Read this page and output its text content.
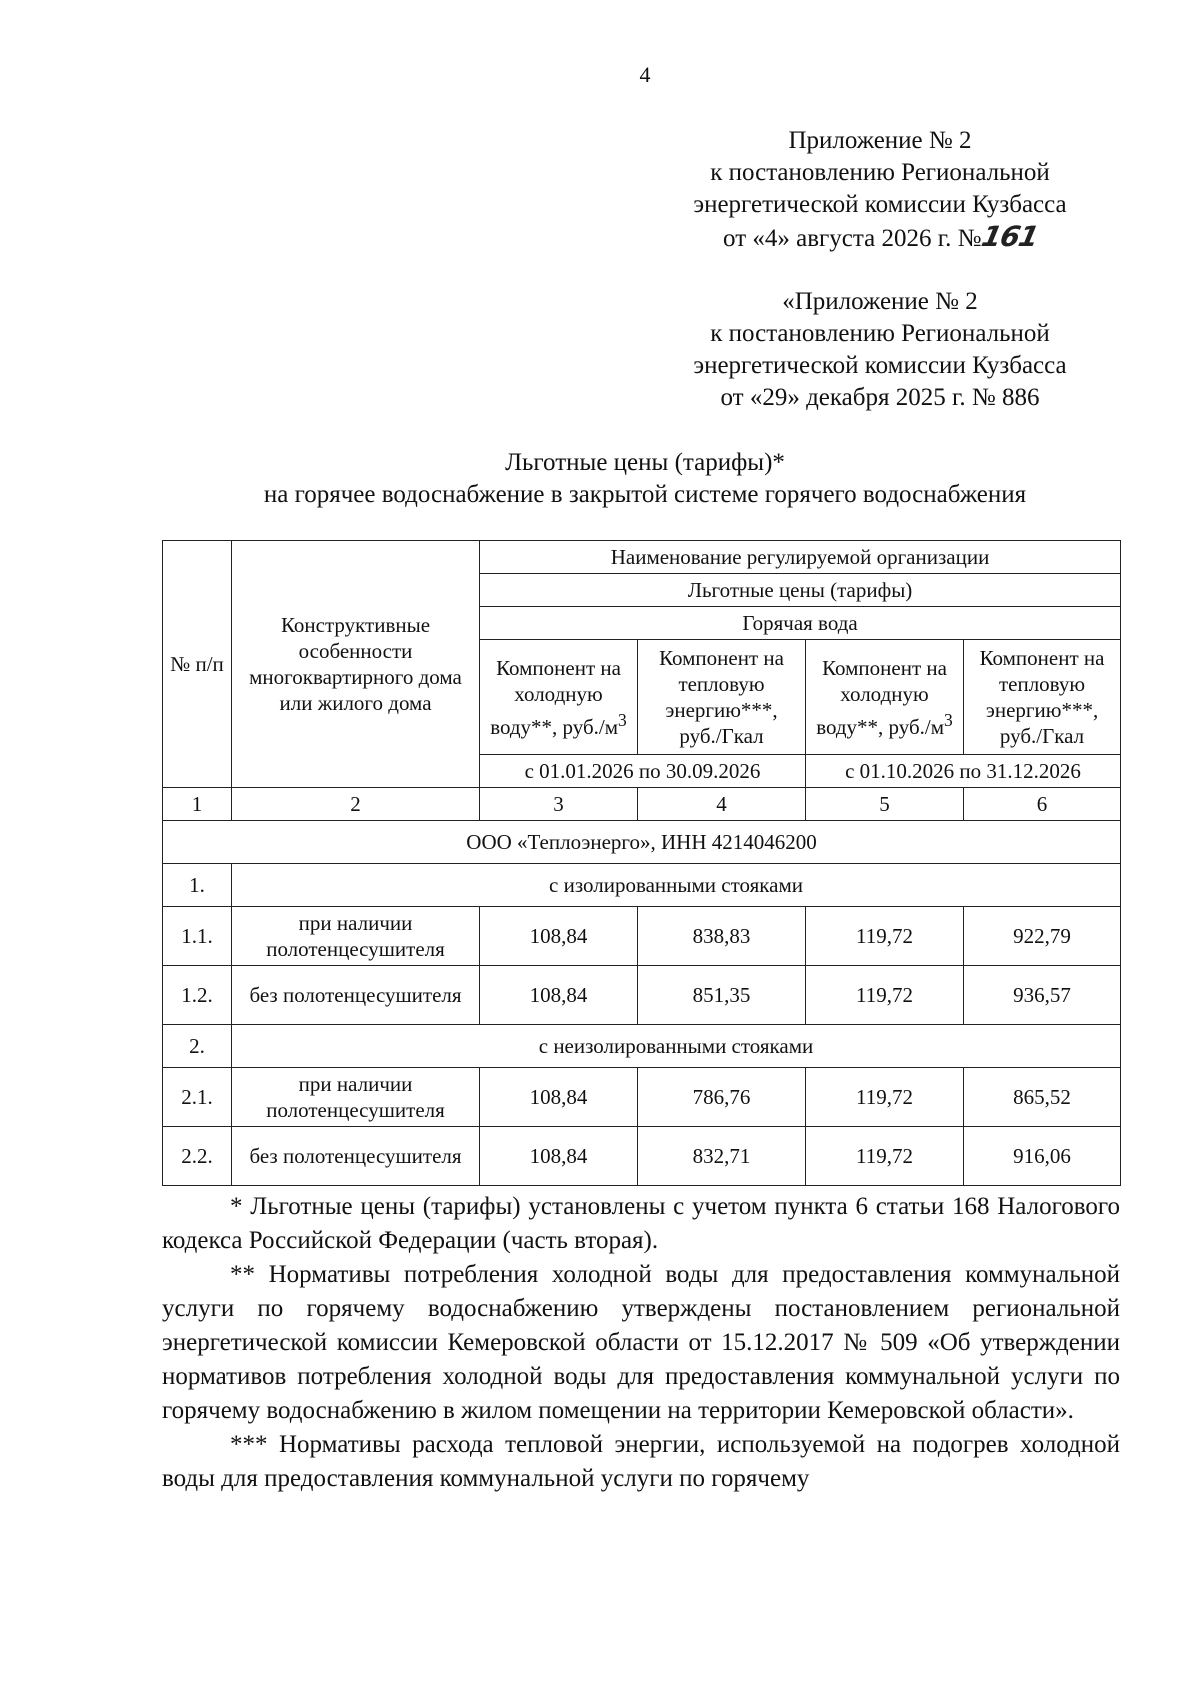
4
Приложение № 2
к постановлению Региональной
энергетической комиссии Кузбасса
от «4» августа 2026 г. №161
«Приложение № 2
к постановлению Региональной
энергетической комиссии Кузбасса
от «29» декабря 2025 г. № 886
Льготные цены (тарифы)*
на горячее водоснабжение в закрытой системе горячего водоснабжения
№ п/п	Конструктивные особенности многоквартирного дома или жилого дома	Наименование регулируемой организации			
		Льготные цены (тарифы)			
		Горячая вода			
		Компонент на холодную воду**, $руб./м^3$	Компонент на тепловую энергию***, руб./Гкал	Компонент на холодную воду**, $руб./м^3$	Компонент на тепловую энергию***, руб./Гкал
		с 01.01.2026 по 30.09.2026		с 01.10.2026 по 31.12.2026	

1	2	3	4	5	6
ООО «Теплоэнерго», ИНН 4214046200					
1.	с изолированными стояками				
1.1.	при наличии полотенцесушителя	108,84	838,83	119,72	922,79
1.2.	без полотенцесушителя	108,84	851,35	119,72	936,57
2.	с неизолированными стояками				
2.1.	при наличии полотенцесушителя	108,84	786,76	119,72	865,52
2.2.	без полотенцесушителя	108,84	832,71	119,72	916,06

* Льготные цены (тарифы) установлены с учетом пункта 6 статьи 168 Налогового кодекса Российской Федерации (часть вторая).

** Нормативы потребления холодной воды для предоставления коммунальной услуги по горячему водоснабжению утверждены постановлением региональной энергетической комиссии Кемеровской области от 15.12.2017 № 509 «Об утверждении нормативов потребления холодной воды для предоставления коммунальной услуги по горячему водоснабжению в жилом помещении на территории Кемеровской области».

*** Нормативы расхода тепловой энергии, используемой на подогрев холодной воды для предоставления коммунальной услуги по горячему
